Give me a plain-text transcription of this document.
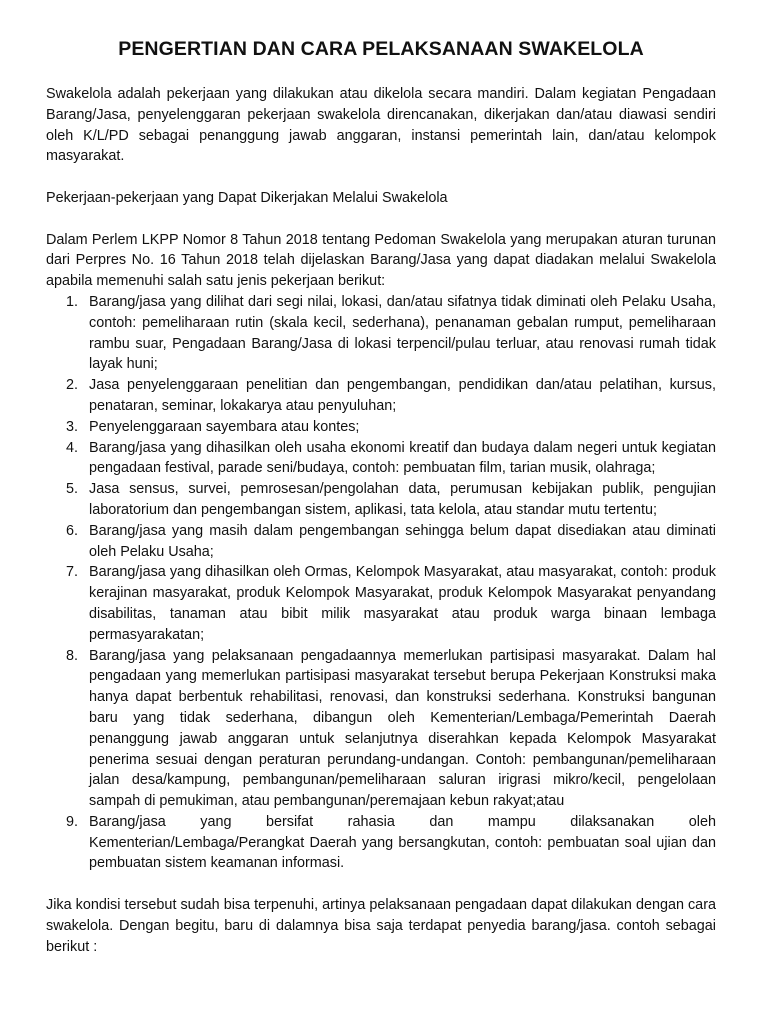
PENGERTIAN DAN CARA PELAKSANAAN SWAKELOLA

Swakelola adalah pekerjaan yang dilakukan atau dikelola secara mandiri. Dalam kegiatan Pengadaan Barang/Jasa, penyelenggaran pekerjaan swakelola direncanakan, dikerjakan dan/atau diawasi sendiri oleh K/L/PD sebagai penanggung jawab anggaran, instansi pemerintah lain, dan/atau kelompok masyarakat.

Pekerjaan-pekerjaan yang Dapat Dikerjakan Melalui Swakelola

Dalam Perlem LKPP Nomor 8 Tahun 2018 tentang Pedoman Swakelola yang merupakan aturan turunan dari Perpres No. 16 Tahun 2018 telah dijelaskan Barang/Jasa yang dapat diadakan melalui Swakelola apabila memenuhi salah satu jenis pekerjaan berikut:

1. Barang/jasa yang dilihat dari segi nilai, lokasi, dan/atau sifatnya tidak diminati oleh Pelaku Usaha, contoh: pemeliharaan rutin (skala kecil, sederhana), penanaman gebalan rumput, pemeliharaan rambu suar, Pengadaan Barang/Jasa di lokasi terpencil/pulau terluar, atau renovasi rumah tidak layak huni;
2. Jasa penyelenggaraan penelitian dan pengembangan, pendidikan dan/atau pelatihan, kursus, penataran, seminar, lokakarya atau penyuluhan;
3. Penyelenggaraan sayembara atau kontes;
4. Barang/jasa yang dihasilkan oleh usaha ekonomi kreatif dan budaya dalam negeri untuk kegiatan pengadaan festival, parade seni/budaya, contoh: pembuatan film, tarian musik, olahraga;
5. Jasa sensus, survei, pemrosesan/pengolahan data, perumusan kebijakan publik, pengujian laboratorium dan pengembangan sistem, aplikasi, tata kelola, atau standar mutu tertentu;
6. Barang/jasa yang masih dalam pengembangan sehingga belum dapat disediakan atau diminati oleh Pelaku Usaha;
7. Barang/jasa yang dihasilkan oleh Ormas, Kelompok Masyarakat, atau masyarakat, contoh: produk kerajinan masyarakat, produk Kelompok Masyarakat, produk Kelompok Masyarakat penyandang disabilitas, tanaman atau bibit milik masyarakat atau produk warga binaan lembaga permasyarakatan;
8. Barang/jasa yang pelaksanaan pengadaannya memerlukan partisipasi masyarakat. Dalam hal pengadaan yang memerlukan partisipasi masyarakat tersebut berupa Pekerjaan Konstruksi maka hanya dapat berbentuk rehabilitasi, renovasi, dan konstruksi sederhana. Konstruksi bangunan baru yang tidak sederhana, dibangun oleh Kementerian/Lembaga/Pemerintah Daerah penanggung jawab anggaran untuk selanjutnya diserahkan kepada Kelompok Masyarakat penerima sesuai dengan peraturan perundang-undangan. Contoh: pembangunan/pemeliharaan jalan desa/kampung, pembangunan/pemeliharaan saluran irigrasi mikro/kecil, pengelolaan sampah di pemukiman, atau pembangunan/peremajaan kebun rakyat;atau
9. Barang/jasa yang bersifat rahasia dan mampu dilaksanakan oleh Kementerian/Lembaga/Perangkat Daerah yang bersangkutan, contoh: pembuatan soal ujian dan pembuatan sistem keamanan informasi.

Jika kondisi tersebut sudah bisa terpenuhi, artinya pelaksanaan pengadaan dapat dilakukan dengan cara swakelola. Dengan begitu, baru di dalamnya bisa saja terdapat penyedia barang/jasa. contoh sebagai berikut :
